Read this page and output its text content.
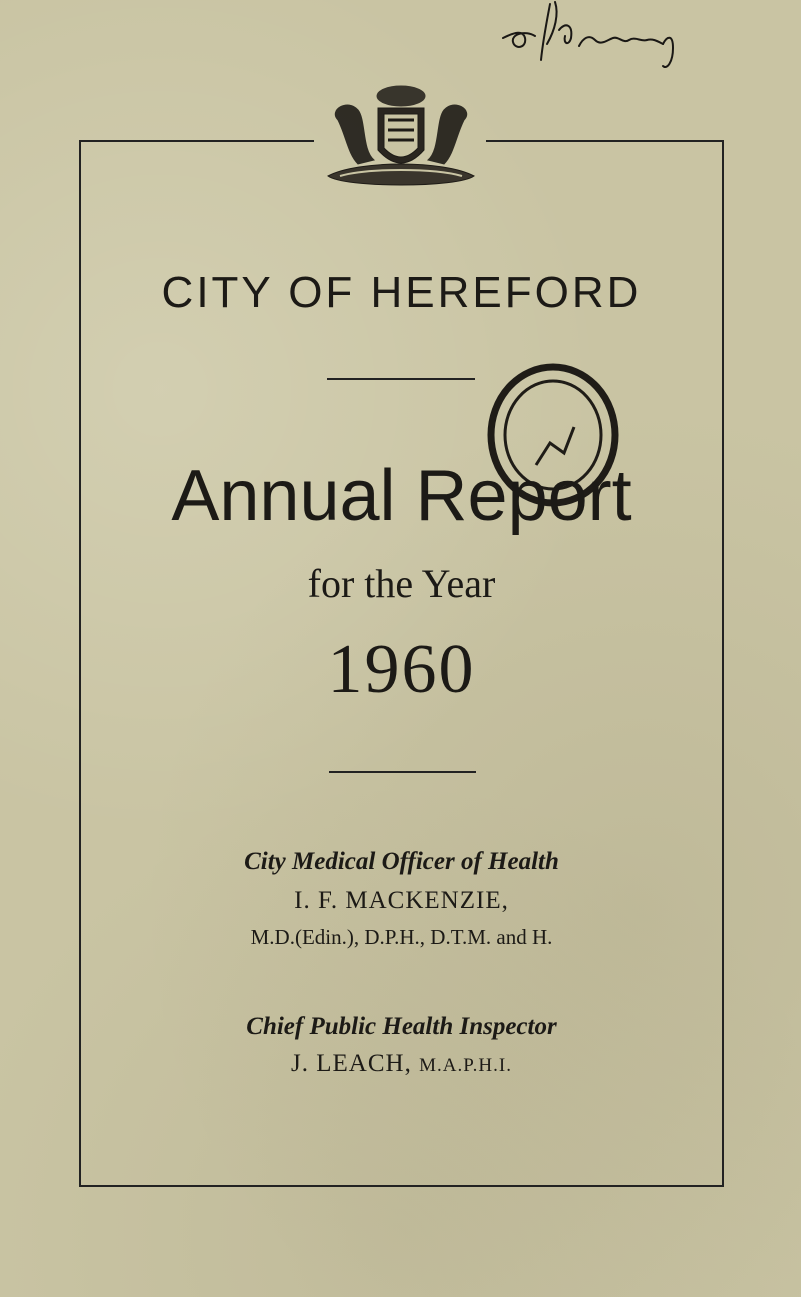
CITY OF HEREFORD
Annual Report
for the Year
1960
City Medical Officer of Health
I. F. MACKENZIE,
M.D.(Edin.), D.P.H., D.T.M. and H.
Chief Public Health Inspector
J. LEACH, M.A.P.H.I.
